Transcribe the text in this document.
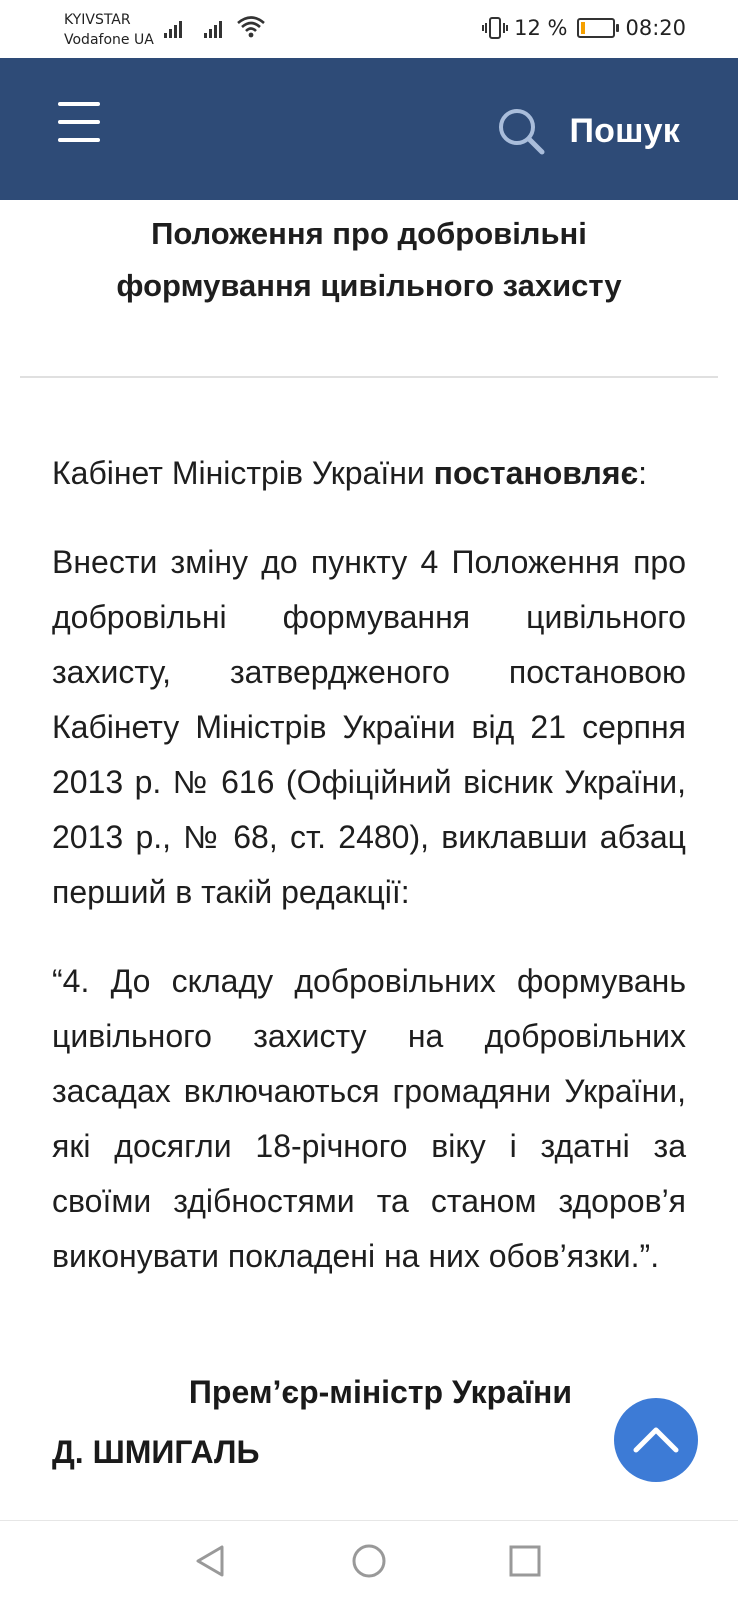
KYIVSTAR
Vodafone UA	12 %	08:20
Пошук
Положення про добровільні формування цивільного захисту

Кабінет Міністрів України постановляє:

Внести зміну до пункту 4 Положення про добровільні формування цивільного захисту, затвердженого постановою Кабінету Міністрів України від 21 серпня 2013 р. № 616 (Офіційний вісник України, 2013 р., № 68, ст. 2480), виклавши абзац перший в такій редакції:

“4. До складу добровільних формувань цивільного захисту на добровільних засадах включаються громадяни України, які досягли 18-річного віку і здатні за своїми здібностями та станом здоров’я виконувати покладені на них обов’язки.”.

Прем’єр-міністр України
Д. ШМИГАЛЬ
